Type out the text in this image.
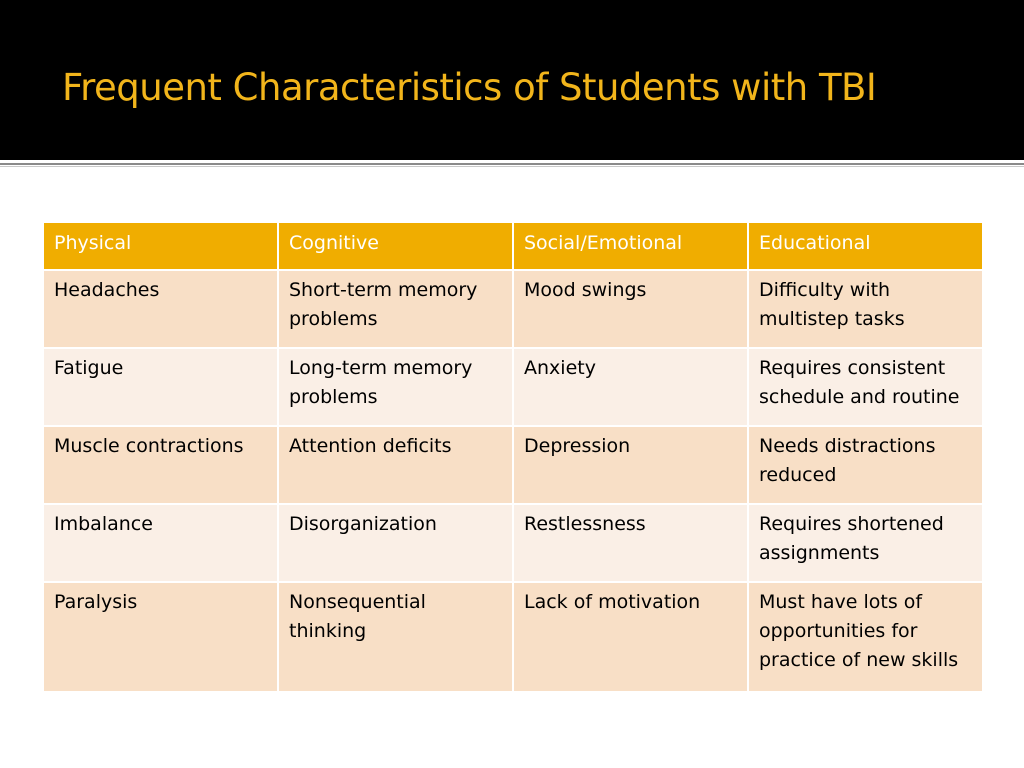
Frequent Characteristics of Students with TBI
Physical	Cognitive	Social/Emotional	Educational
Headaches	Short-term memory problems	Mood swings	Difficulty with multistep tasks
Fatigue	Long-term memory problems	Anxiety	Requires consistent schedule and routine
Muscle contractions	Attention deficits	Depression	Needs distractions reduced
Imbalance	Disorganization	Restlessness	Requires shortened assignments
Paralysis	Nonsequential thinking	Lack of motivation	Must have lots of opportunities for practice of new skills
